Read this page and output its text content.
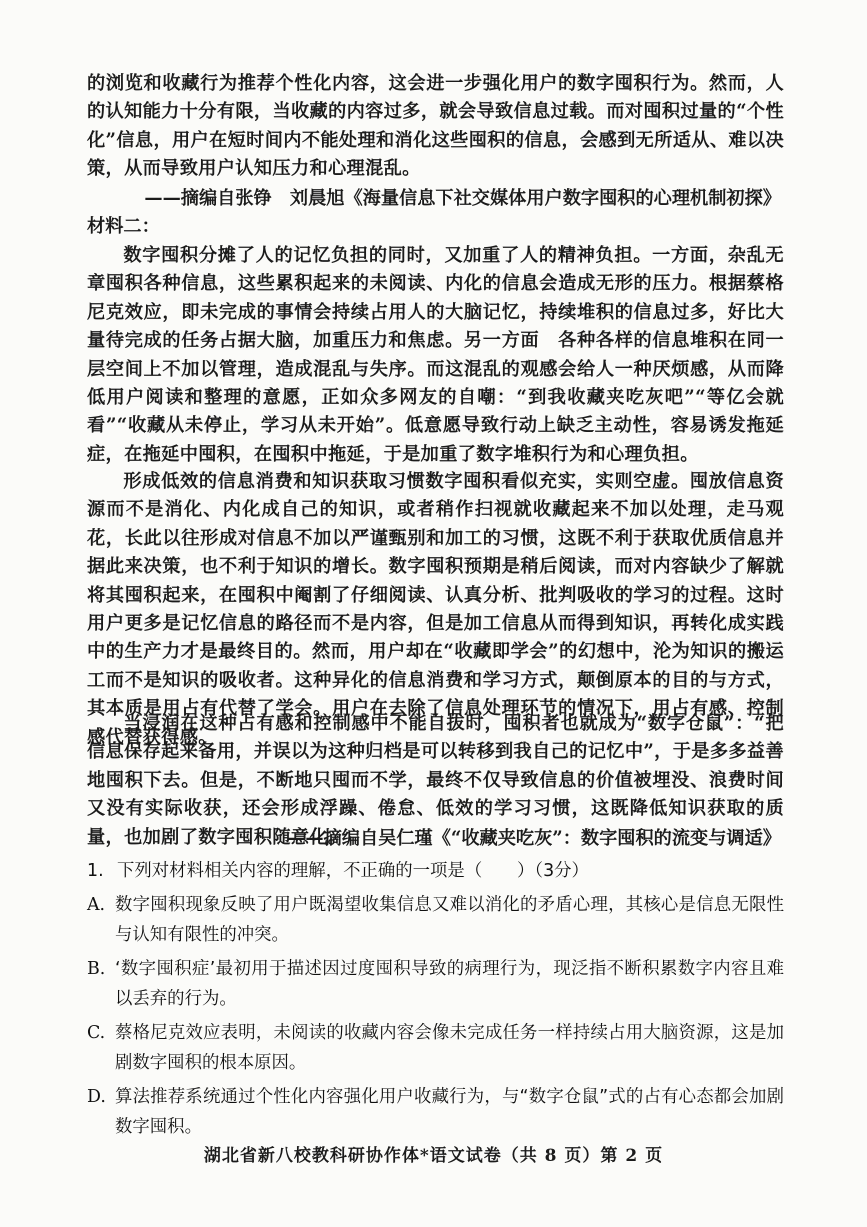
的浏览和收藏行为推荐个性化内容，这会进一步强化用户的数字囤积行为。然而，人的认知能力十分有限，当收藏的内容过多，就会导致信息过载。而对囤积过量的“个性化”信息，用户在短时间内不能处理和消化这些囤积的信息，会感到无所适从、难以决策，从而导致用户认知压力和心理混乱。

——摘编自张铮　刘晨旭《海量信息下社交媒体用户数字囤积的心理机制初探》

材料二：

数字囤积分摊了人的记忆负担的同时，又加重了人的精神负担。一方面，杂乱无章囤积各种信息，这些累积起来的未阅读、内化的信息会造成无形的压力。根据蔡格尼克效应，即未完成的事情会持续占用人的大脑记忆，持续堆积的信息过多，好比大量待完成的任务占据大脑，加重压力和焦虑。另一方面　各种各样的信息堆积在同一层空间上不加以管理，造成混乱与失序。而这混乱的观感会给人一种厌烦感，从而降低用户阅读和整理的意愿，正如众多网友的自嘲：“到我收藏夹吃灰吧”“等亿会就看”“收藏从未停止，学习从未开始”。低意愿导致行动上缺乏主动性，容易诱发拖延症，在拖延中囤积，在囤积中拖延，于是加重了数字堆积行为和心理负担。

形成低效的信息消费和知识获取习惯数字囤积看似充实，实则空虚。囤放信息资源而不是消化、内化成自己的知识，或者稍作扫视就收藏起来不加以处理，走马观花，长此以往形成对信息不加以严谨甄别和加工的习惯，这既不利于获取优质信息并据此来决策，也不利于知识的增长。数字囤积预期是稍后阅读，而对内容缺少了解就将其囤积起来，在囤积中阉割了仔细阅读、认真分析、批判吸收的学习的过程。这时用户更多是记忆信息的路径而不是内容，但是加工信息从而得到知识，再转化成实践中的生产力才是最终目的。然而，用户却在“收藏即学会”的幻想中，沦为知识的搬运工而不是知识的吸收者。这种异化的信息消费和学习方式，颠倒原本的目的与方式，其本质是用占有代替了学会。用户在去除了信息处理环节的情况下，用占有感、控制感代替获得感。

当浸润在这种占有感和控制感中不能自拔时，囤积者也就成为“数字仓鼠”：“把信息保存起来备用，并误以为这种归档是可以转移到我自己的记忆中”，于是多多益善地囤积下去。但是，不断地只囤而不学，最终不仅导致信息的价值被埋没、浪费时间又没有实际收获，还会形成浮躁、倦怠、低效的学习习惯，这既降低知识获取的质量，也加剧了数字囤积随意化。

——摘编自吴仁瑾《“收藏夹吃灰”：数字囤积的流变与调适》

1. 下列对材料相关内容的理解，不正确的一项是（　　）（3分）

A. 数字囤积现象反映了用户既渴望收集信息又难以消化的矛盾心理，其核心是信息无限性与认知有限性的冲突。
B. ‘数字囤积症’最初用于描述因过度囤积导致的病理行为，现泛指不断积累数字内容且难以丢弃的行为。
C. 蔡格尼克效应表明，未阅读的收藏内容会像未完成任务一样持续占用大脑资源，这是加剧数字囤积的根本原因。
D. 算法推荐系统通过个性化内容强化用户收藏行为，与“数字仓鼠”式的占有心态都会加剧数字囤积。
湖北省新八校教科研协作体*语文试卷（共 8 页）第 2 页
